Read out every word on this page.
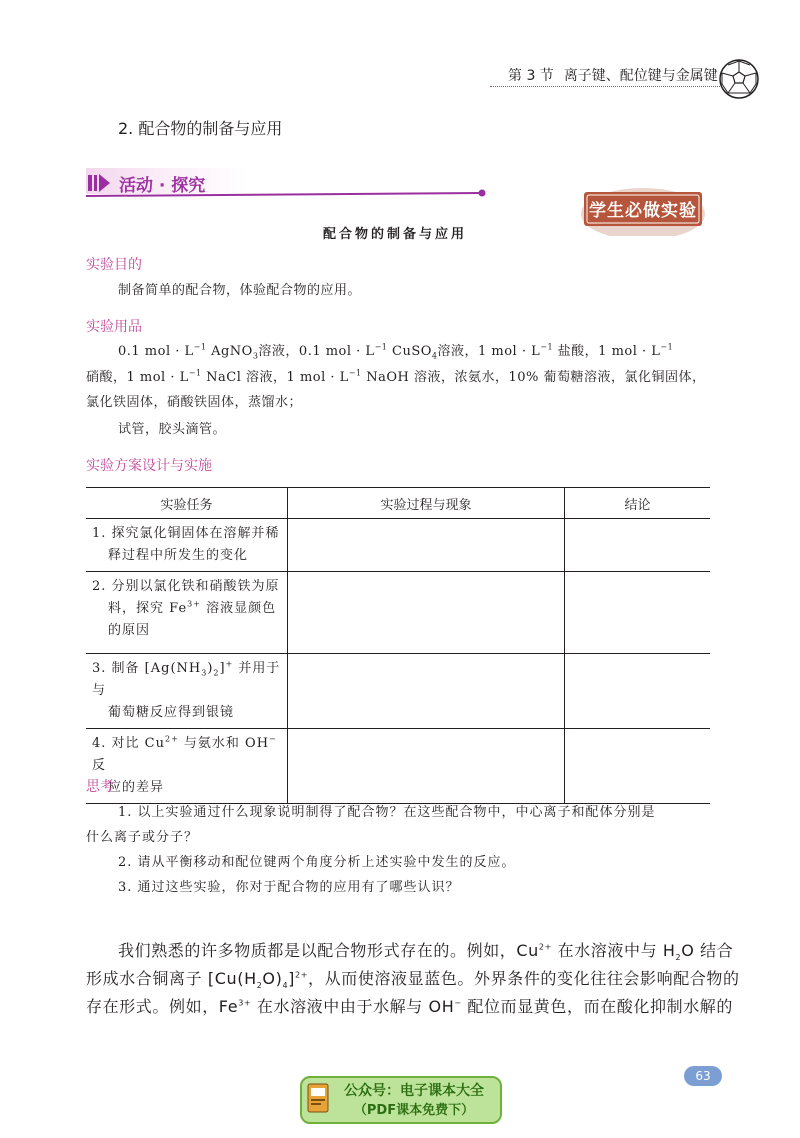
第 3 节 离子键、配位键与金属键
2. 配合物的制备与应用
活动 · 探究
学生必做实验
配合物的制备与应用
实验目的
制备简单的配合物，体验配合物的应用。
实验用品
0.1 mol · $L^{-1}$ AgNO$_3$溶液，0.1 mol · $L^{-1}$ CuSO$_4$溶液，1 mol · $L^{-1}$ 盐酸，1 mol · $L^{-1}$
硝酸，1 mol · $L^{-1}$ NaCl 溶液，1 mol · $L^{-1}$ NaOH 溶液，浓氨水，10% 葡萄糖溶液，氯化铜固体，
氯化铁固体，硝酸铁固体，蒸馏水；
试管，胶头滴管。
实验方案设计与实施
实验任务	实验过程与现象	结论

1. 探究氯化铜固体在溶解并稀
释过程中所发生的变化		

2. 分别以氯化铁和硝酸铁为原
料，探究 $Fe^{3+}$ 溶液显颜色
的原因		

3. 制备 $[Ag(NH_3)_2]^+$ 并用于与
葡萄糖反应得到银镜		

4. 对比 $Cu^{2+}$ 与氨水和 OH− 反
应的差异		

思考
1. 以上实验通过什么现象说明制得了配合物？在这些配合物中，中心离子和配体分别是
什么离子或分子？
2. 请从平衡移动和配位键两个角度分析上述实验中发生的反应。
3. 通过这些实验，你对于配合物的应用有了哪些认识？
我们熟悉的许多物质都是以配合物形式存在的。例如，$Cu^{2+}$ 在水溶液中与 $H_2O$ 结合
形成水合铜离子 $[Cu(H_2O)_4]^{2+}$，从而使溶液显蓝色。外界条件的变化往往会影响配合物的
存在形式。例如，$Fe^{3+}$ 在水溶液中由于水解与 OH− 配位而显黄色，而在酸化抑制水解的
63
公众号：电子课本大全
（PDF课本免费下）
